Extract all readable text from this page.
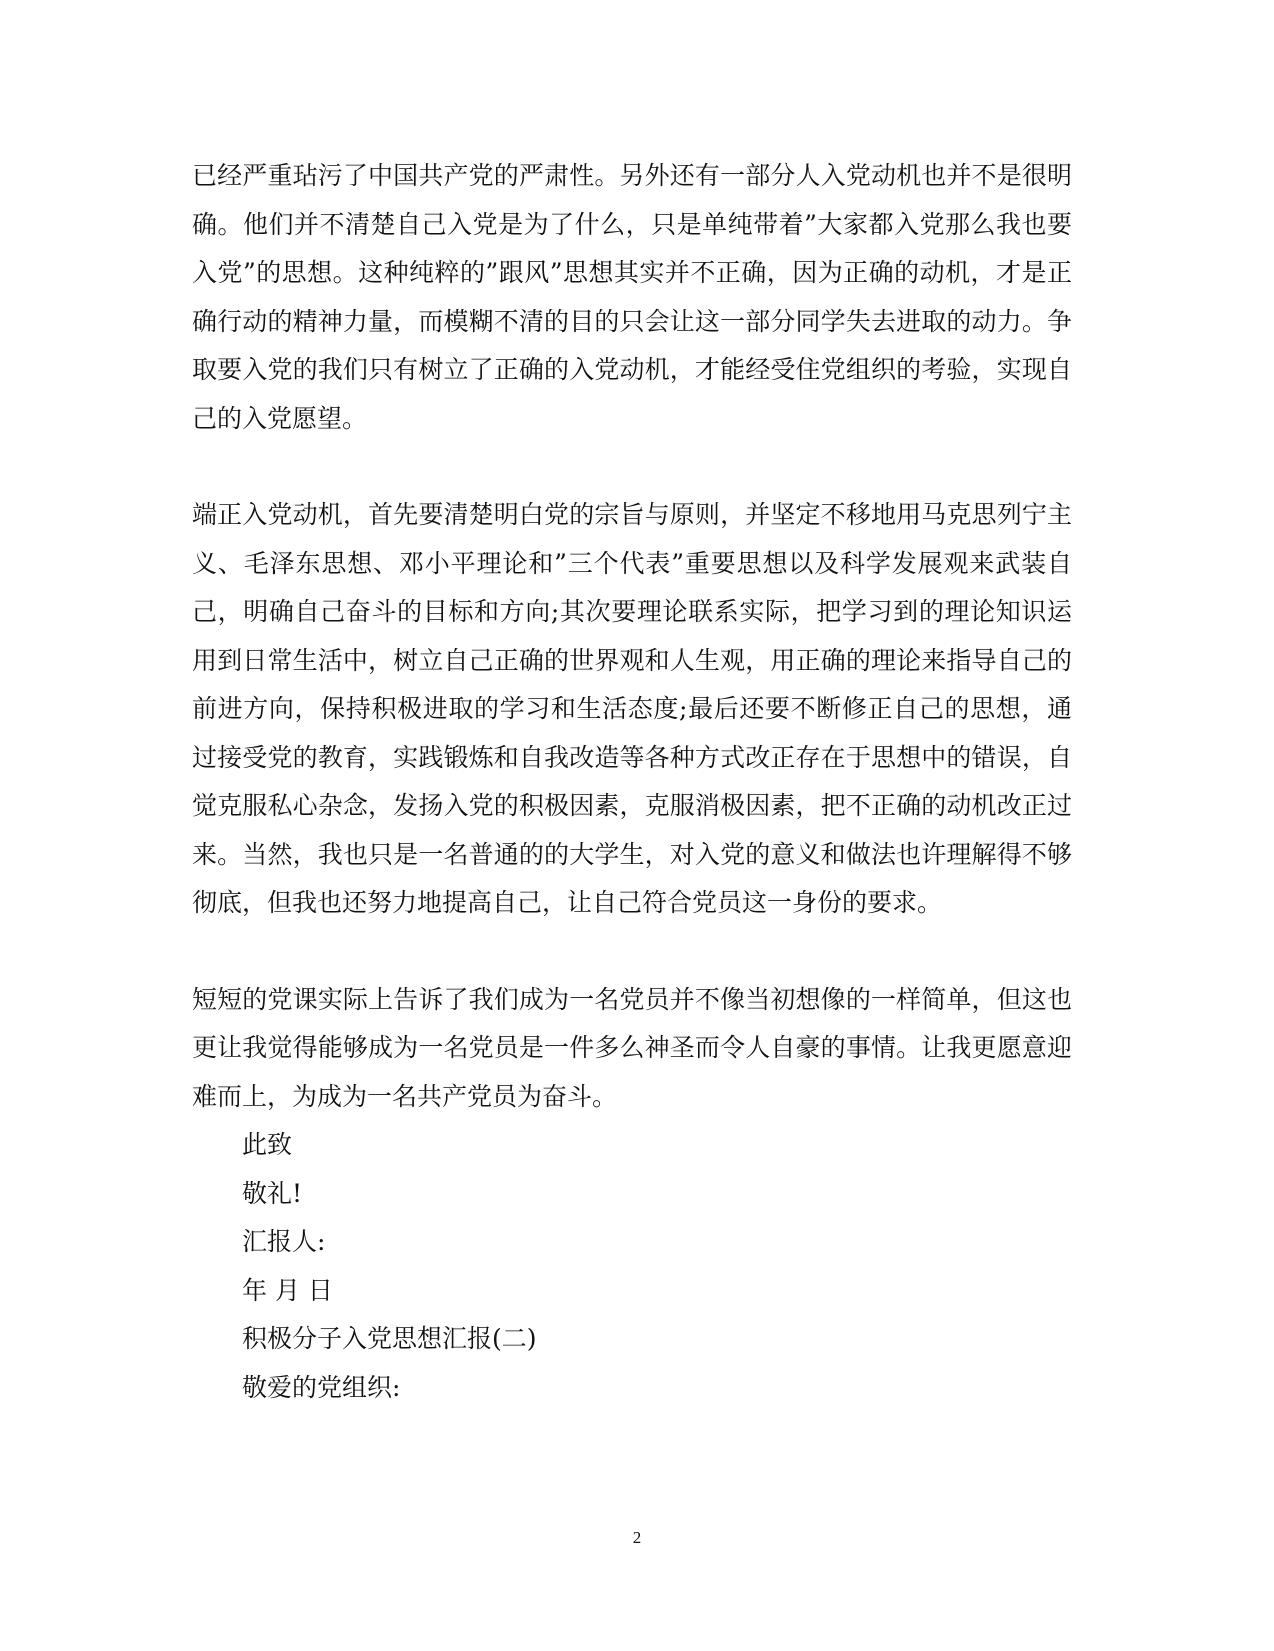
已经严重玷污了中国共产党的严肃性。另外还有一部分人入党动机也并不是很明确。他们并不清楚自己入党是为了什么，只是单纯带着”大家都入党那么我也要入党”的思想。这种纯粹的”跟风”思想其实并不正确，因为正确的动机，才是正确行动的精神力量，而模糊不清的目的只会让这一部分同学失去进取的动力。争取要入党的我们只有树立了正确的入党动机，才能经受住党组织的考验，实现自己的入党愿望。

端正入党动机，首先要清楚明白党的宗旨与原则，并坚定不移地用马克思列宁主义、毛泽东思想、邓小平理论和”三个代表”重要思想以及科学发展观来武装自己，明确自己奋斗的目标和方向;其次要理论联系实际，把学习到的理论知识运用到日常生活中，树立自己正确的世界观和人生观，用正确的理论来指导自己的前进方向，保持积极进取的学习和生活态度;最后还要不断修正自己的思想，通过接受党的教育，实践锻炼和自我改造等各种方式改正存在于思想中的错误，自觉克服私心杂念，发扬入党的积极因素，克服消极因素，把不正确的动机改正过来。当然，我也只是一名普通的的大学生，对入党的意义和做法也许理解得不够彻底，但我也还努力地提高自己，让自己符合党员这一身份的要求。

短短的党课实际上告诉了我们成为一名党员并不像当初想像的一样简单，但这也更让我觉得能够成为一名党员是一件多么神圣而令人自豪的事情。让我更愿意迎难而上，为成为一名共产党员为奋斗。

此致

敬礼!

汇报人:

年 月 日

积极分子入党思想汇报(二)

敬爱的党组织:

2
